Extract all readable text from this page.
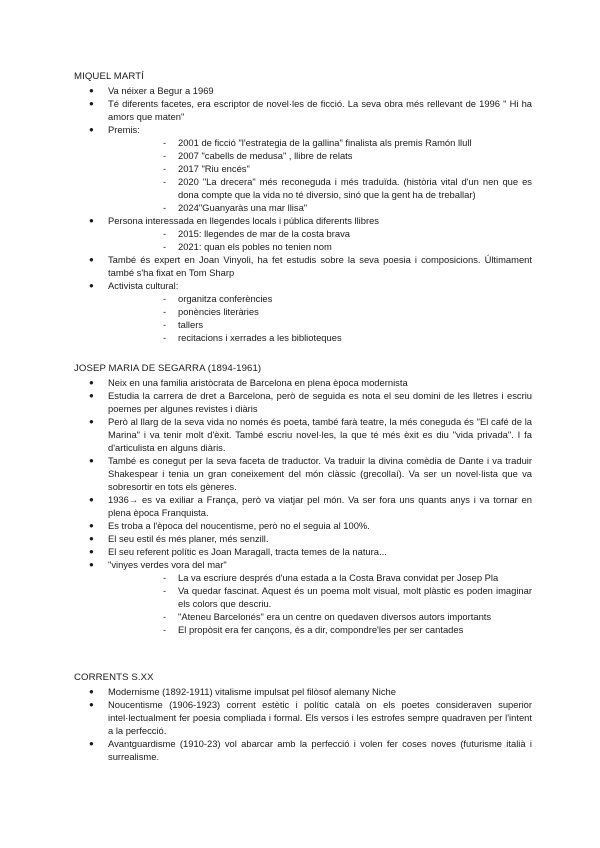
MIQUEL MARTÍ
● Va néixer a Begur a 1969
● Té diferents facetes, era escriptor de novel·les de ficció. La seva obra més rellevant de 1996 " Hi ha amors que maten"
● Premis:
- 2001 de ficció "l'estrategia de la gallina" finalista als premis Ramón llull
- 2007 "cabells de medusa" , llibre de relats
- 2017 "Riu encés"
- 2020 "La drecera" més reconeguda i més traduïda. (història vital d'un nen que es dona compte que la vida no té diversio, sinó que la gent ha de treballar)
- 2024"Guanyaràs una mar llisa"
● Persona interessada en llegendes locals i pública diferents llibres
- 2015: llegendes de mar de la costa brava
- 2021: quan els pobles no tenien nom
● També és expert en Joan Vinyoli, ha fet estudis sobre la seva poesia i composicions. Últimament també s'ha fixat en Tom Sharp
● Activista cultural:
- organitza conferències
- ponències literàries
- tallers
- recitacions i xerrades a les biblioteques
JOSEP MARIA DE SEGARRA (1894-1961)
● Neix en una familia aristòcrata de Barcelona en plena època modernista
● Estudia la carrera de dret a Barcelona, però de seguida es nota el seu domini de les lletres i escriu poemes per algunes revistes i diàris
● Però al llarg de la seva vida no només és poeta, també farà teatre, la més coneguda és "El café de la Marina" i va tenir molt d'èxit. També escriu novel·les, la que té més èxit es diu "vida privada". I fa d'articulista en alguns diàris.
● També es conegut per la seva faceta de traductor. Va traduir la divina comèdia de Dante i va traduir Shakespear i tenia un gran coneixement del món clàssic (grecollaí). Va ser un novel·lista que va sobresortir en tots els gèneres.
● 1936→ es va exiliar a França, però va viatjar pel món. Va ser fora uns quants anys i va tornar en plena època Franquista.
● Es troba a l'època del noucentisme, però no el seguia al 100%.
● El seu estil és més planer, més senzill.
● El seu referent polític es Joan Maragall, tracta temes de la natura...
● "vinyes verdes vora del mar"
- La va escriure després d'una estada a la Costa Brava convidat per Josep Pla
- Va quedar fascinat. Aquest és un poema molt visual, molt plàstic es poden imaginar els colors que descriu.
- "Ateneu Barcelonés" era un centre on quedaven diversos autors importants
- El propòsit era fer cançons, és a dir, compondre'les per ser cantades
CORRENTS S.XX
● Modernisme (1892-1911) vitalisme impulsat pel filòsof alemany Niche
● Noucentisme (1906-1923) corrent estètic i polític català on els poetes consideraven superior intel·lectualment fer poesia compliada i formal. Els versos i les estrofes sempre quadraven per l'intent a la perfecció.
● Avantguardisme (1910-23) vol abarcar amb la perfecció i volen fer coses noves (futurisme italià i surrealisme.
